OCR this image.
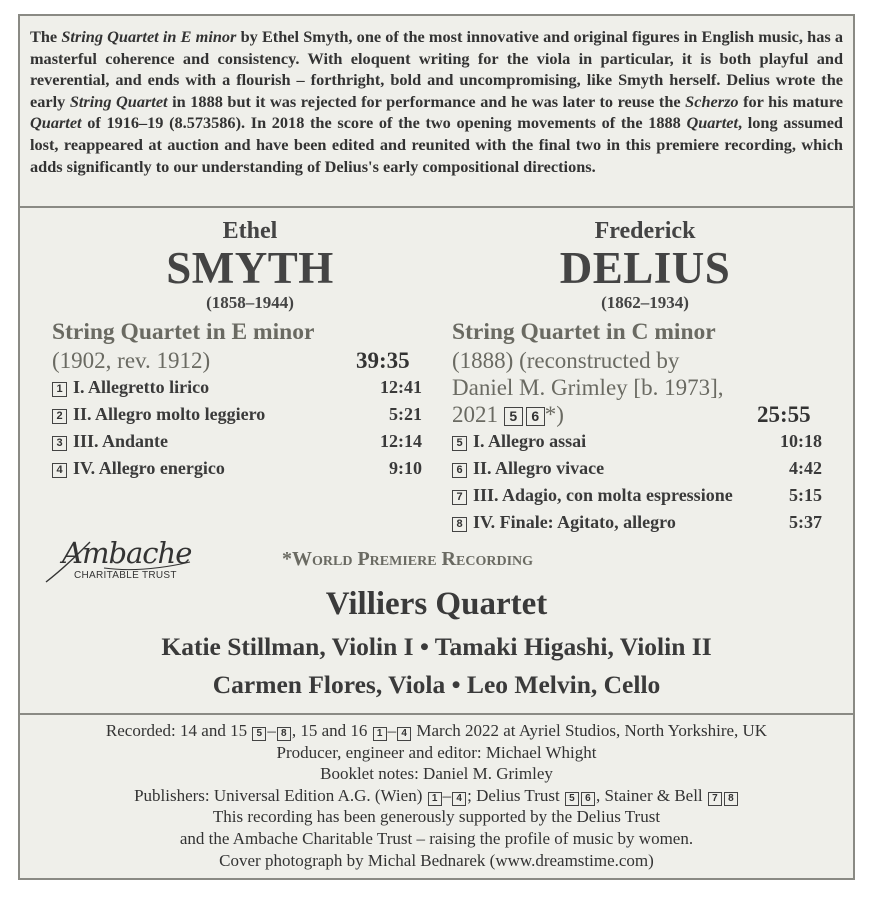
The String Quartet in E minor by Ethel Smyth, one of the most innovative and original figures in English music, has a masterful coherence and consistency. With eloquent writing for the viola in particular, it is both playful and reverential, and ends with a flourish – forthright, bold and uncompromising, like Smyth herself. Delius wrote the early String Quartet in 1888 but it was rejected for performance and he was later to reuse the Scherzo for his mature Quartet of 1916–19 (8.573586). In 2018 the score of the two opening movements of the 1888 Quartet, long assumed lost, reappeared at auction and have been edited and reunited with the final two in this premiere recording, which adds significantly to our understanding of Delius's early compositional directions.
Ethel
SMYTH
(1858–1944)
String Quartet in E minor
(1902, rev. 1912)	39:35
1 I. Allegretto lirico	12:41
2 II. Allegro molto leggiero	5:21
3 III. Andante	12:14
4 IV. Allegro energico	9:10
Frederick
DELIUS
(1862–1934)
String Quartet in C minor
(1888) (reconstructed by
Daniel M. Grimley [b. 1973],
2021 5 6 *)	25:55
5 I. Allegro assai	10:18
6 II. Allegro vivace	4:42
7 III. Adagio, con molta espressione	5:15
8 IV. Finale: Agitato, allegro	5:37
Ambache
CHARITABLE TRUST
*World Premiere Recording
Villiers Quartet
Katie Stillman, Violin I • Tamaki Higashi, Violin II
Carmen Flores, Viola • Leo Melvin, Cello
Recorded: 14 and 15 5 – 8 , 15 and 16 1 – 4 March 2022 at Ayriel Studios, North Yorkshire, UK
Producer, engineer and editor: Michael Whight
Booklet notes: Daniel M. Grimley
Publishers: Universal Edition A.G. (Wien) 1 – 4 ; Delius Trust 5 6 , Stainer & Bell 7 8
This recording has been generously supported by the Delius Trust
and the Ambache Charitable Trust – raising the profile of music by women.
Cover photograph by Michal Bednarek (www.dreamstime.com)
